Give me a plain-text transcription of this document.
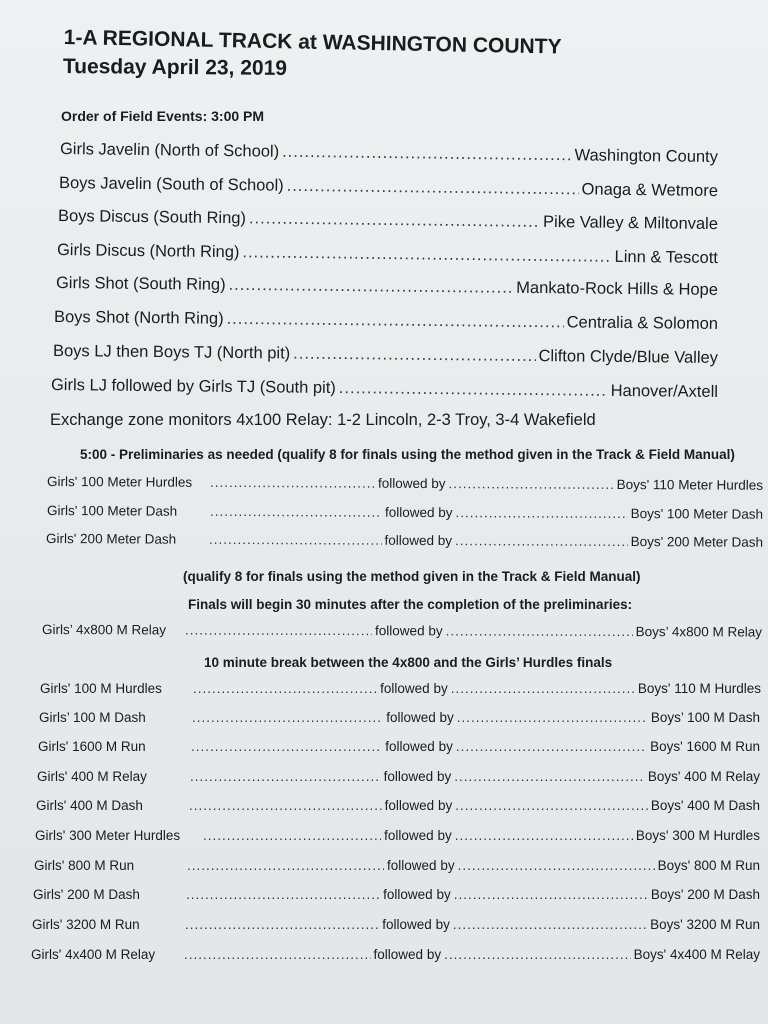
1-A REGIONAL TRACK at WASHINGTON COUNTY
Tuesday April 23, 2019
Order of Field Events: 3:00 PM
Girls Javelin (North of School) .....	Washington County
Boys Javelin (South of School) .....	Onaga & Wetmore
Boys Discus (South Ring) .....	Pike Valley & Miltonvale
Girls Discus (North Ring) .....	Linn & Tescott
Girls Shot (South Ring) .....	Mankato-Rock Hills & Hope
Boys Shot (North Ring) .....	Centralia & Solomon
Boys LJ then Boys TJ (North pit) .....	Clifton Clyde/Blue Valley
Girls LJ followed by Girls TJ (South pit) .....	Hanover/Axtell
Exchange zone monitors 4x100 Relay: 1-2 Lincoln, 2-3 Troy, 3-4 Wakefield
5:00 - Preliminaries as needed (qualify 8 for finals using the method given in the Track & Field Manual)
Girls' 100 Meter Hurdles .....	followed by .....	Boys' 110 Meter Hurdles
Girls' 100 Meter Dash .....	followed by .....	Boys' 100 Meter Dash
Girls' 200 Meter Dash .....	followed by .....	Boys' 200 Meter Dash
(qualify 8 for finals using the method given in the Track & Field Manual)
Finals will begin 30 minutes after the completion of the preliminaries:
Girls’ 4x800 M Relay .....	followed by .....	Boys’ 4x800 M Relay
10 minute break between the 4x800 and the Girls’ Hurdles finals
Girls' 100 M Hurdles .....	followed by .....	Boys' 110 M Hurdles
Girls’ 100 M Dash .....	followed by .....	Boys’ 100 M Dash
Girls' 1600 M Run .....	followed by .....	Boys' 1600 M Run
Girls' 400 M Relay .....	followed by .....	Boys' 400 M Relay
Girls' 400 M Dash .....	followed by .....	Boys' 400 M Dash
Girls' 300 Meter Hurdles .....	followed by .....	Boys' 300 M Hurdles
Girls' 800 M Run .....	followed by .....	Boys' 800 M Run
Girls' 200 M Dash .....	followed by .....	Boys' 200 M Dash
Girls' 3200 M Run .....	followed by .....	Boys' 3200 M Run
Girls' 4x400 M Relay .....	followed by .....	Boys' 4x400 M Relay
